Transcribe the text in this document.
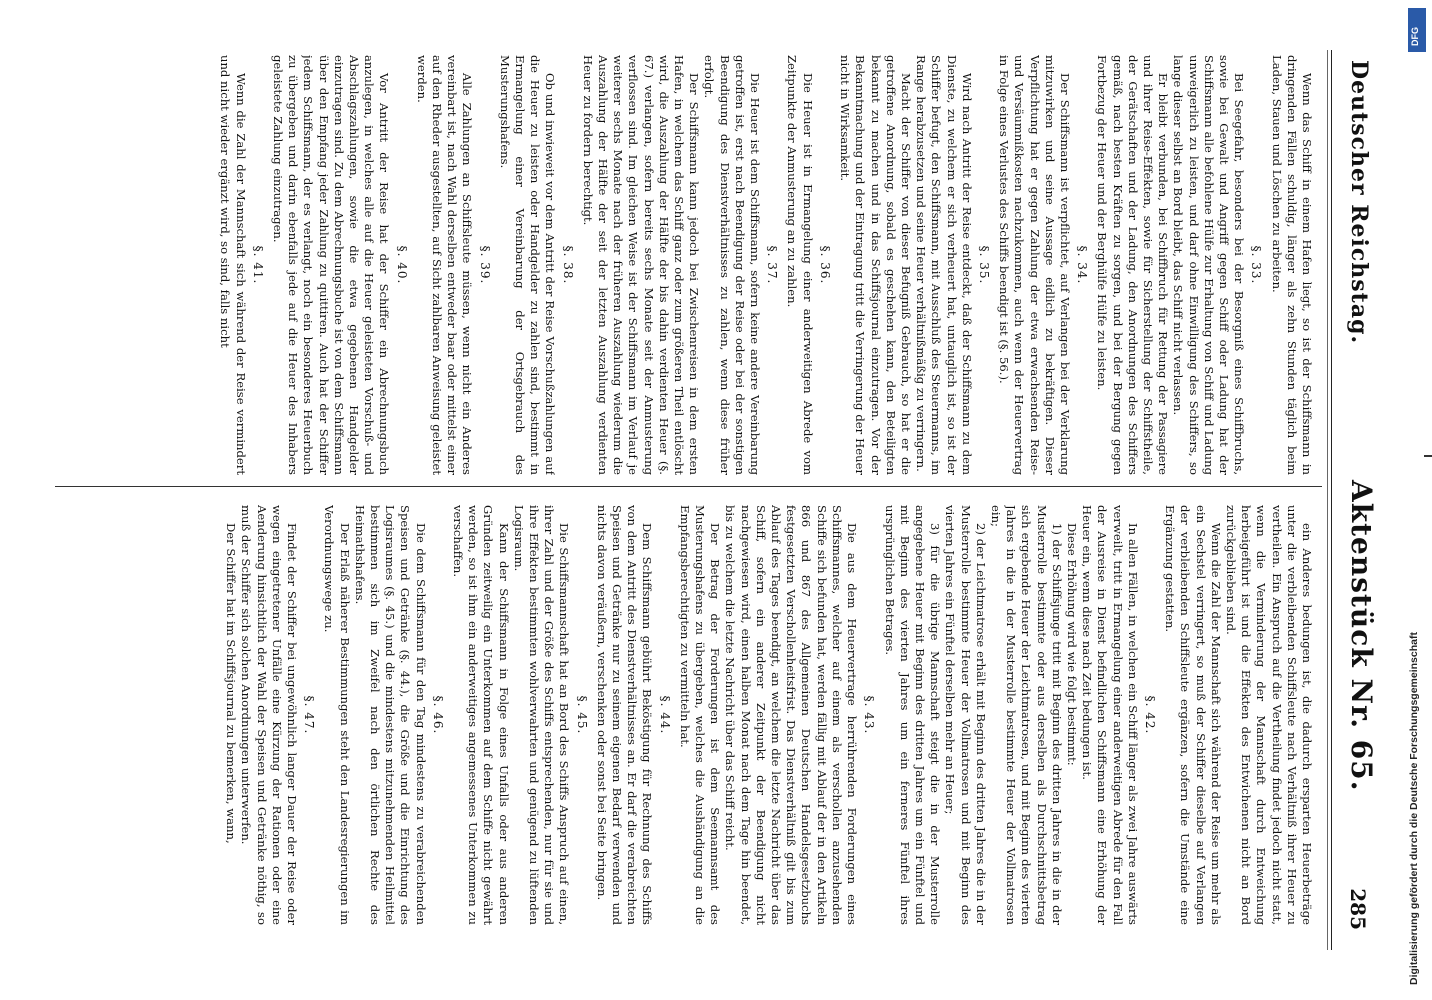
Deutscher Reichstag.
Aktenstück Nr. 65.
285

Wenn das Schiff in einem Hafen liegt, so ist der Schiffsmann in dringenden Fällen schuldig, länger als zehn Stunden täglich beim Laden, Stauen und Löschen zu arbeiten.

§. 33.

Bei Seegefahr, besonders bei der Besorgniß eines Schiffbruchs, sowie bei Gewalt und Angriff gegen Schiff oder Ladung hat der Schiffsmann alle befohlene Hülfe zur Erhaltung von Schiff und Ladung unweigerlich zu leisten, und darf ohne Einwilligung des Schiffers, so lange dieser selbst an Bord bleibt, das Schiff nicht verlassen.

Er bleibt verbunden, bei Schiffbruch für Rettung der Passagiere und ihrer Reise-Effekten, sowie für Sicherstellung der Schiffstheile, der Gerätschaften und der Ladung, den Anordnungen des Schiffers gemäß, nach besten Kräften zu sorgen, und bei der Bergung gegen Fortbezug der Heuer und der Berghülfe Hülfe zu leisten.

§. 34.

Der Schiffsmann ist verpflichtet, auf Verlangen bei der Verklarung mitzuwirken und seine Aussage eidlich zu bekräftigen. Dieser Verpflichtung hat er gegen Zahlung der etwa erwachsenden Reise- und Versäumnißkosten nachzukommen, auch wenn der Heuervertrag in Folge eines Verlustes des Schiffs beendigt ist (§. 56.).

§. 35.

Wird nach Antritt der Reise entdeckt, daß der Schiffsmann zu dem Dienste, zu welchem er sich verheuert hat, untauglich ist, so ist der Schiffer befugt, den Schiffsmann, mit Ausschluß des Steuermanns, im Range herabzusetzen und seine Heuer verhältnißmäßig zu verringern.

Macht der Schiffer von dieser Befugniß Gebrauch, so hat er die getroffene Anordnung, sobald es geschehen kann, den Beteiligten bekannt zu machen und in das Schiffsjournal einzutragen. Vor der Bekanntmachung und der Eintragung tritt die Verringerung der Heuer nicht in Wirksamkeit.

§. 36.

Die Heuer ist in Ermangelung einer anderweitigen Abrede vom Zeitpunkte der Anmusterung an zu zahlen.

§. 37.

Die Heuer ist dem Schiffsmann, sofern keine andere Vereinbarung getroffen ist, erst nach Beendigung der Reise oder bei der sonstigen Beendigung des Dienstverhältnisses zu zahlen, wenn diese früher erfolgt.

Der Schiffsmann kann jedoch bei Zwischenreisen in dem ersten Hafen, in welchem das Schiff ganz oder zum größeren Theil entlöscht wird, die Auszahlung der Hälfte der bis dahin verdienten Heuer (§. 67.) verlangen, sofern bereits sechs Monate seit der Anmusterung verflossen sind. Im gleichen Weise ist der Schiffsmann im Verlauf je weiterer sechs Monate nach der früheren Auszahlung wiederum die Auszahlung der Hälfte der seit der letzten Auszahlung verdienten Heuer zu fordern berechtigt.

§. 38.

Ob und inwieweit vor dem Antritt der Reise Vorschußzahlungen auf die Heuer zu leisten oder Handgelder zu zahlen sind, bestimmt in Ermangelung einer Vereinbarung der Ortsgebrauch des Musterungshafens.

§. 39.

Alle Zahlungen an Schiffsleute müssen, wenn nicht ein Anderes vereinbart ist, nach Wahl derselben entweder baar oder mittelst einer auf den Rheder ausgestellten, auf Sicht zahlbaren Anweisung geleistet werden.

§. 40.

Vor Antritt der Reise hat der Schiffer ein Abrechnungsbuch anzulegen, in welches alle auf die Heuer geleisteten Vorschuß- und Abschlagszahlungen, sowie die etwa gegebenen Handgelder einzutragen sind. Zu dem Abrechnungsbuche ist von dem Schiffsmann über den Empfang jeder Zahlung zu quittiren. Auch hat der Schiffer jedem Schiffsmann, der es verlangt, noch ein besonderes Heuerbuch zu übergeben und darin ebenfalls jede auf die Heuer des Inhabers geleistete Zahlung einzutragen.

§. 41.

Wenn die Zahl der Mannschaft sich während der Reise vermindert und nicht wieder ergänzt wird, so sind, falls nicht

ein Anderes bedungen ist, die dadurch ersparten Heuerbeträge unter die verbleibenden Schiffsleute nach Verhältniß ihrer Heuer zu vertheilen. Ein Anspruch auf die Vertheilung findet jedoch nicht statt, wenn die Verminderung der Mannschaft durch Entweichung herbeigeführt ist und die Effekten des Entwichenen nicht an Bord zurückgeblieben sind.

Wenn die Zahl der Mannschaft sich während der Reise um mehr als ein Sechstel verringert, so muß der Schiffer dieselbe auf Verlangen der verbleibenden Schiffsleute ergänzen, sofern die Umstände eine Ergänzung gestatten.

§. 42.

In allen Fällen, in welchen ein Schiff länger als zwei Jahre auswärts verweilt, tritt in Ermangelung einer anderweitigen Abrede für den Fall der Ausreise in Dienst befindlichen Schiffsmann eine Erhöhung der Heuer ein, wenn diese nach Zeit bedungen ist.

Diese Erhöhung wird wie folgt bestimmt:

1) der Schiffsjunge tritt mit Beginn des dritten Jahres in die in der Musterrolle bestimmte oder aus derselben als Durchschnittsbetrag sich ergebende Heuer der Leichtmatrosen, und mit Beginn des vierten Jahres in die in der Musterrolle bestimmte Heuer der Vollmatrosen ein;

2) der Leichtmatrose erhält mit Beginn des dritten Jahres die in der Musterrolle bestimmte Heuer der Vollmatrosen und mit Beginn des vierten Jahres ein Fünftel derselben mehr an Heuer;

3) für die übrige Mannschaft steigt die in der Musterrolle angegebene Heuer mit Beginn des dritten Jahres um ein Fünftel und mit Beginn des vierten Jahres um ein ferneres Fünftel ihres ursprünglichen Betrages.

§. 43.

Die aus dem Heuervertrage herrührenden Forderungen eines Schiffsmannes, welcher auf einem als verschollen anzusehenden Schiffe sich befunden hat, werden fällig mit Ablauf der in den Artikeln 866 und 867 des Allgemeinen Deutschen Handelsgesetzbuchs festgesetzten Verschollenheitsfrist. Das Dienstverhältniß gilt bis zum Ablauf des Tages beendigt, an welchem die letzte Nachricht über das Schiff, sofern ein anderer Zeitpunkt der Beendigung nicht nachgewiesen wird, einen halben Monat nach dem Tage hin beendet, bis zu welchem die letzte Nachricht über das Schiff reicht.

Der Betrag der Forderungen ist dem Seemannsamt des Musterungshafens zu übergeben, welches die Aushändigung an die Empfangsberechtigten zu vermitteln hat.

§. 44.

Dem Schiffsmann gebührt Beköstigung für Rechnung des Schiffs von dem Antritt des Dienstverhältnisses an. Er darf die verabreichten Speisen und Getränke nur zu seinem eigenen Bedarf verwenden und nichts davon veräußern, verschenken oder sonst bei Seite bringen.

§. 45.

Die Schiffsmannschaft hat an Bord des Schiffs Anspruch auf einen, ihrer Zahl und der Größe des Schiffs entsprechenden, nur für sie und ihre Effekten bestimmten wohlverwahrten und genügend zu lüftenden Logisraum.

Kann der Schiffsmann in Folge eines Unfalls oder aus anderen Gründen zeitweilig ein Unterkommen auf dem Schiffe nicht gewährt werden, so ist ihm ein anderweitiges angemessenes Unterkommen zu verschaffen.

§. 46.

Die dem Schiffsmann für den Tag mindestens zu verabreichenden Speisen und Getränke (§. 44.), die Größe und die Einrichtung des Logisraumes (§. 45.) und die mindestens mitzunehmenden Heilmittel bestimmen sich im Zweifel nach den örtlichen Rechte des Heimathshafens.

Der Erlaß näherer Bestimmungen steht den Landesregierungen im Verordnungswege zu.

§. 47.

Findet der Schiffer bei ungewöhnlich langer Dauer der Reise oder wegen eingetretener Unfälle eine Kürzung der Rationen oder eine Aenderung hinsichtlich der Wahl der Speisen und Getränke nöthig, so muß der Schiffer sich solchen Anordnungen unterwerfen.

Der Schiffer hat im Schiffsjournal zu bemerken, wann,	Digitalisierung gefördert durch die Deutsche Forschungsgemeinschaft
DFG
